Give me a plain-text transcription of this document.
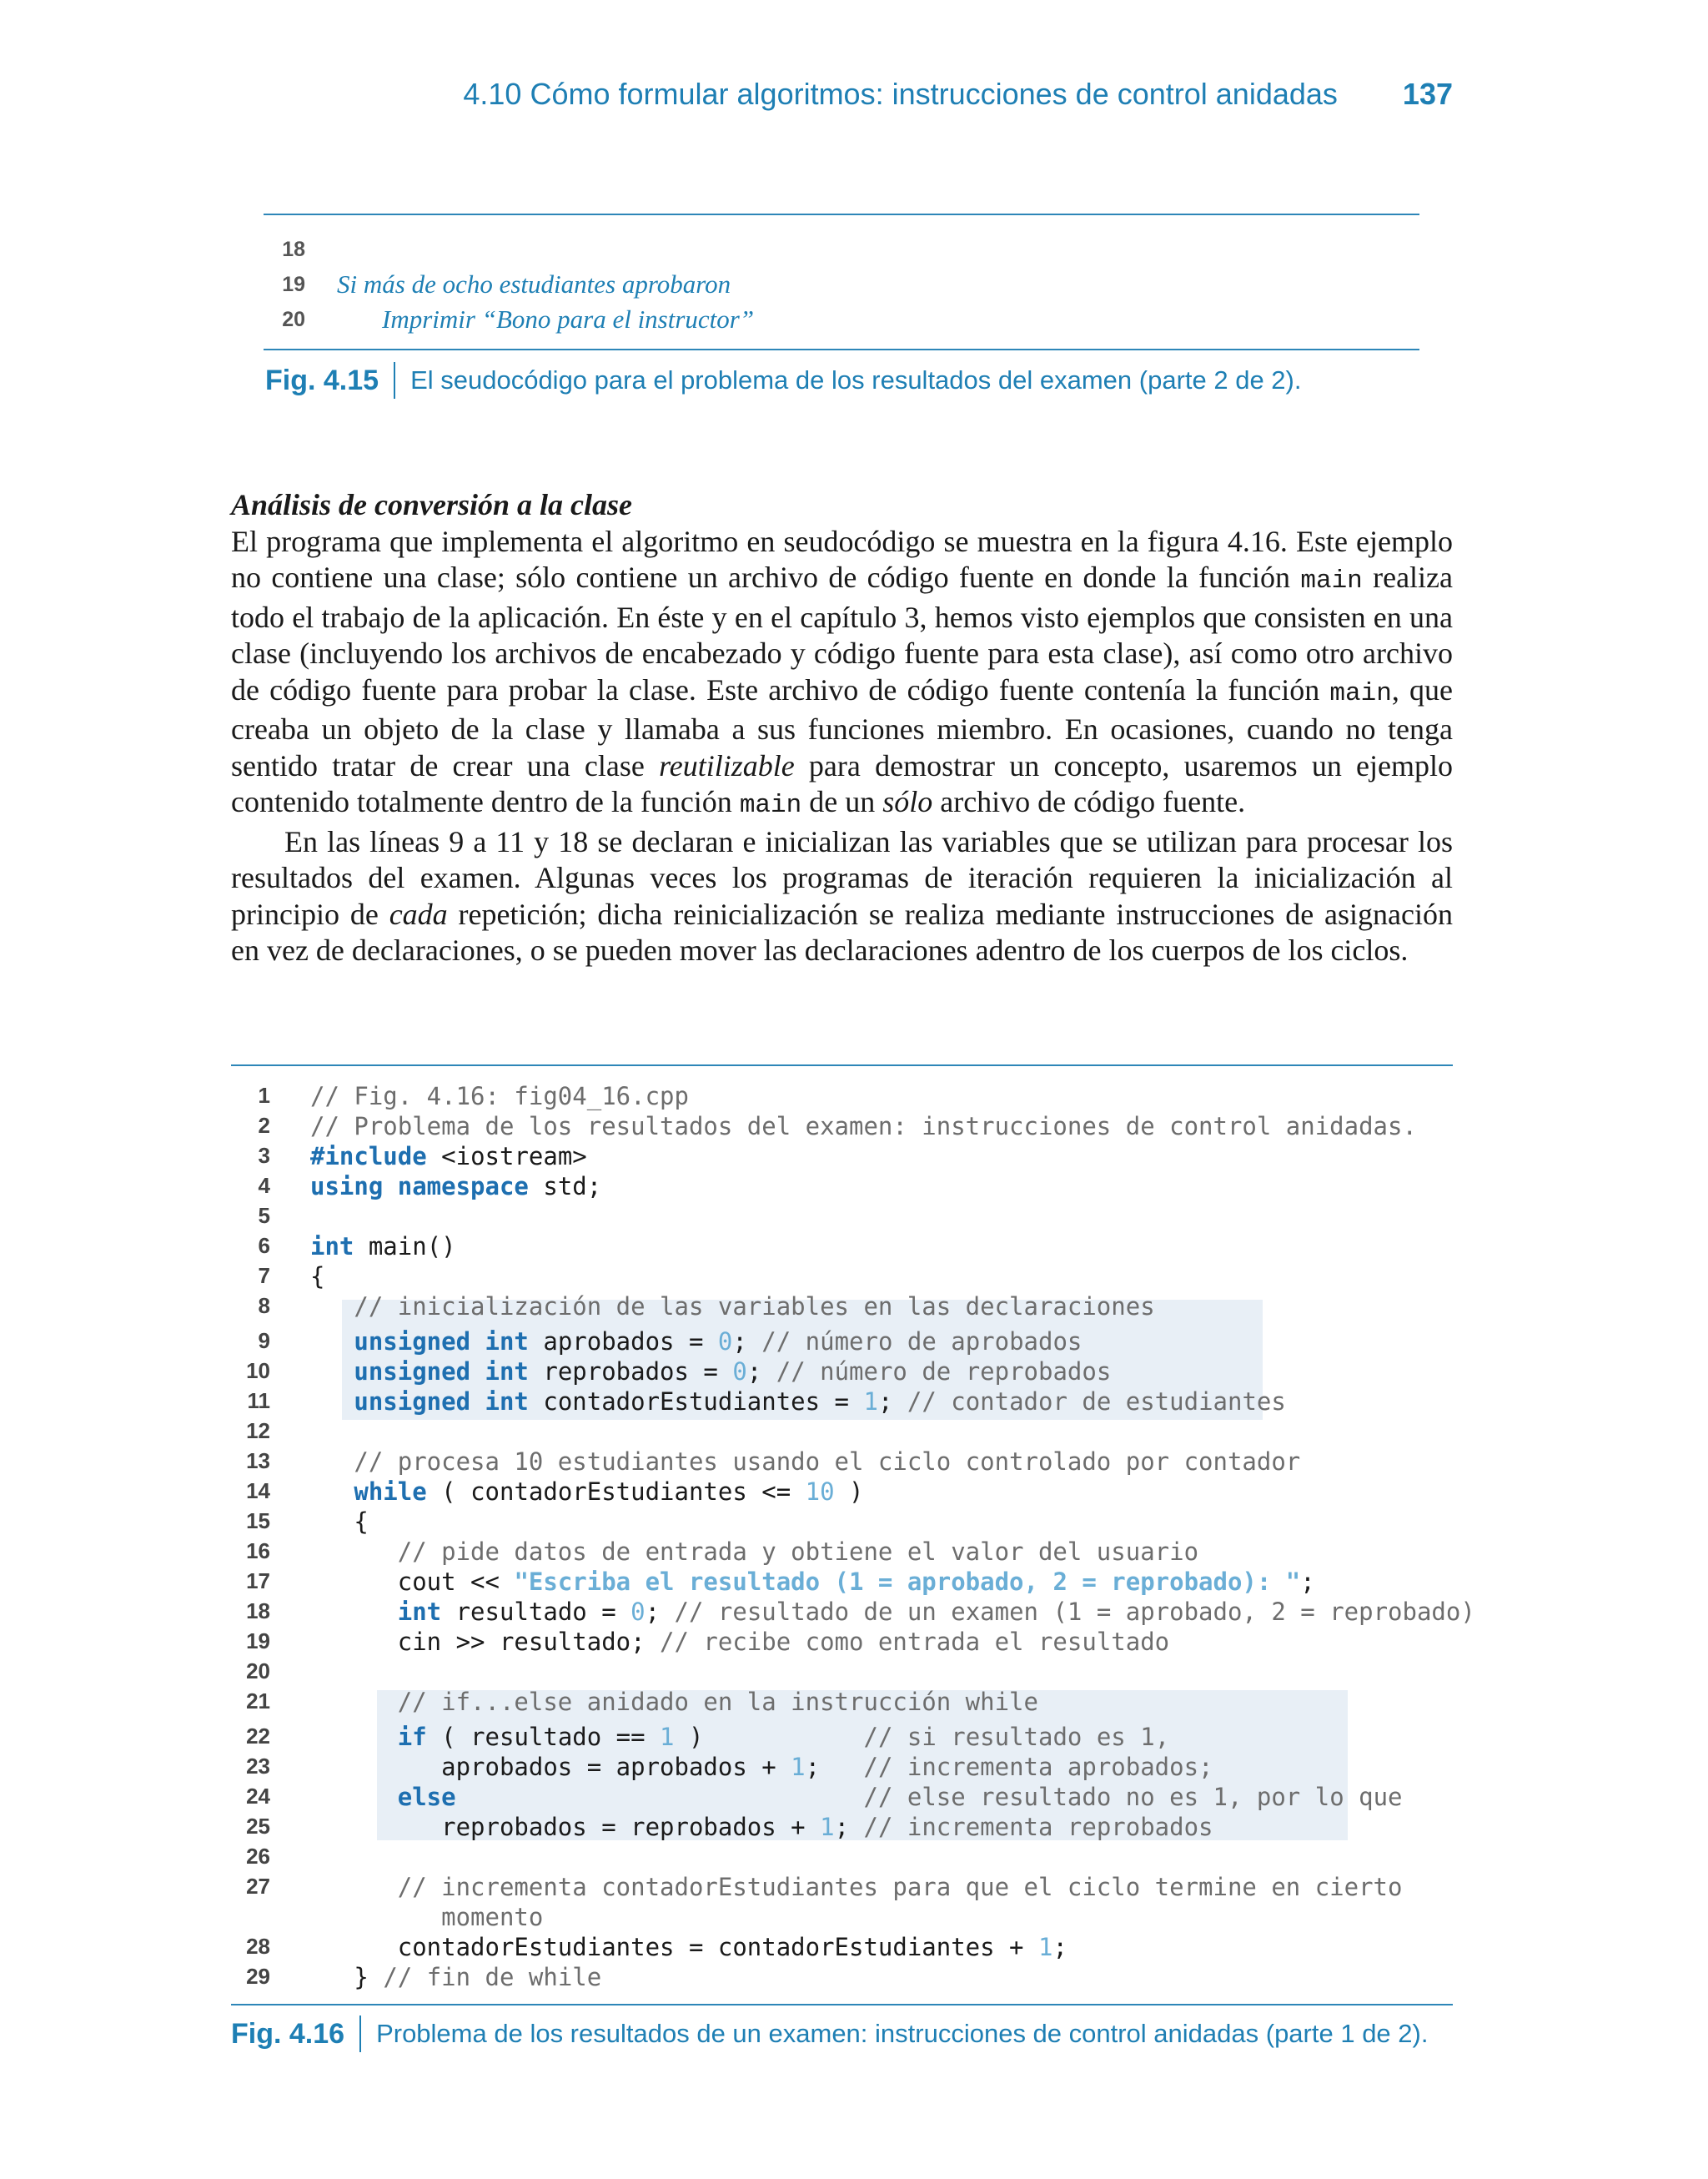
4.10 Cómo formular algoritmos: instrucciones de control anidadas 137
18
19 Si más de ocho estudiantes aprobaron
20	Imprimir “Bono para el instructor”
Fig. 4.15 El seudocódigo para el problema de los resultados del examen (parte 2 de 2).
Análisis de conversión a la clase

El programa que implementa el algoritmo en seudocódigo se muestra en la figura 4.16. Este ejemplo no contiene una clase; sólo contiene un archivo de código fuente en donde la función main realiza todo el trabajo de la aplicación. En éste y en el capítulo 3, hemos visto ejemplos que consisten en una clase (incluyendo los archivos de encabezado y código fuente para esta clase), así como otro archivo de código fuente para probar la clase. Este archivo de código fuente contenía la función main, que creaba un objeto de la clase y llamaba a sus funciones miembro. En ocasiones, cuando no tenga sentido tratar de crear una clase reutilizable para demostrar un concepto, usaremos un ejemplo contenido totalmente dentro de la función main de un sólo archivo de código fuente.

En las líneas 9 a 11 y 18 se declaran e inicializan las variables que se utilizan para procesar los resultados del examen. Algunas veces los programas de iteración requieren la inicialización al principio de cada repetición; dicha reinicialización se realiza mediante instrucciones de asignación en vez de declaraciones, o se pueden mover las declaraciones adentro de los cuerpos de los ciclos.

1 // Fig. 4.16: fig04_16.cpp
2 // Problema de los resultados del examen: instrucciones de control anidadas.
3 #include <iostream>
4 using namespace std;
5
6 int main()
7 {
8 // inicialización de las variables en las declaraciones
9 unsigned int aprobados = 0; // número de aprobados
10 unsigned int reprobados = 0; // número de reprobados
11 unsigned int contadorEstudiantes = 1; // contador de estudiantes
12
13 // procesa 10 estudiantes usando el ciclo controlado por contador
14 while ( contadorEstudiantes <= 10 )
15 {
16 // pide datos de entrada y obtiene el valor del usuario
17 cout << "Escriba el resultado (1 = aprobado, 2 = reprobado): ";
18 int resultado = 0; // resultado de un examen (1 = aprobado, 2 = reprobado)
19 cin >> resultado; // recibe como entrada el resultado
20
21 // if...else anidado en la instrucción while
22 if ( resultado == 1 )           // si resultado es 1,
23 aprobados = aprobados + 1;   // incrementa aprobados;
24 else	// else resultado no es 1, por lo que
25 reprobados = reprobados + 1; // incrementa reprobados
26
27 // incrementa contadorEstudiantes para que el ciclo termine en cierto
momento
28 contadorEstudiantes = contadorEstudiantes + 1;
29 } // fin de while
Fig. 4.16 Problema de los resultados de un examen: instrucciones de control anidadas (parte 1 de 2).
